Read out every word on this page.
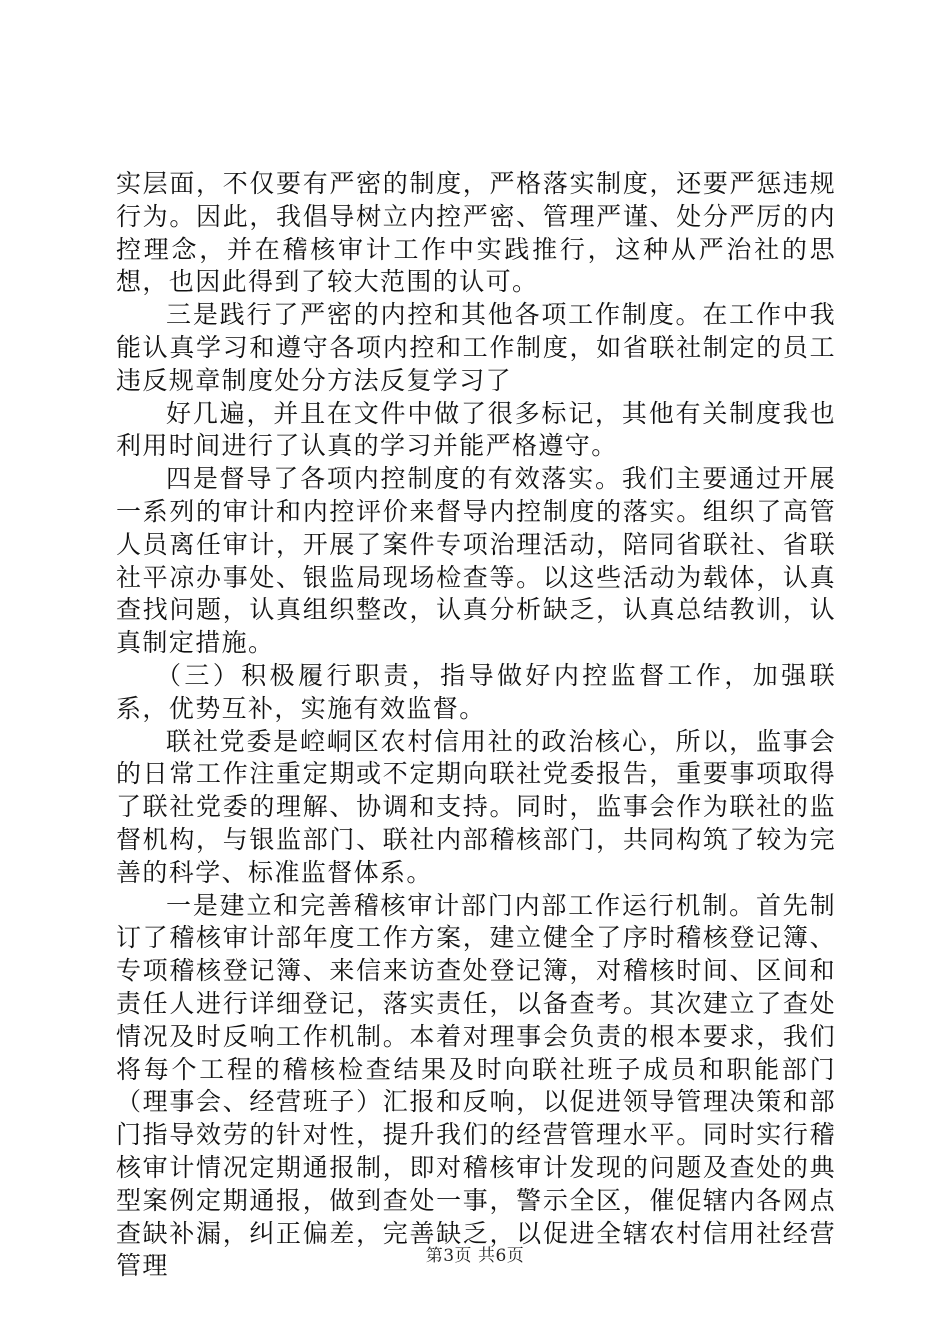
实层面，不仅要有严密的制度，严格落实制度，还要严惩违规行为。因此，我倡导树立内控严密、管理严谨、处分严厉的内控理念，并在稽核审计工作中实践推行，这种从严治社的思想，也因此得到了较大范围的认可。

三是践行了严密的内控和其他各项工作制度。在工作中我能认真学习和遵守各项内控和工作制度，如省联社制定的员工违反规章制度处分方法反复学习了

好几遍，并且在文件中做了很多标记，其他有关制度我也利用时间进行了认真的学习并能严格遵守。

四是督导了各项内控制度的有效落实。我们主要通过开展一系列的审计和内控评价来督导内控制度的落实。组织了高管人员离任审计，开展了案件专项治理活动，陪同省联社、省联社平凉办事处、银监局现场检查等。以这些活动为载体，认真查找问题，认真组织整改，认真分析缺乏，认真总结教训，认真制定措施。

（三）积极履行职责，指导做好内控监督工作，加强联系，优势互补，实施有效监督。

联社党委是崆峒区农村信用社的政治核心，所以，监事会的日常工作注重定期或不定期向联社党委报告，重要事项取得了联社党委的理解、协调和支持。同时，监事会作为联社的监督机构，与银监部门、联社内部稽核部门，共同构筑了较为完善的科学、标准监督体系。

一是建立和完善稽核审计部门内部工作运行机制。首先制订了稽核审计部年度工作方案，建立健全了序时稽核登记簿、专项稽核登记簿、来信来访查处登记簿，对稽核时间、区间和责任人进行详细登记，落实责任，以备查考。其次建立了查处情况及时反响工作机制。本着对理事会负责的根本要求，我们将每个工程的稽核检查结果及时向联社班子成员和职能部门（理事会、经营班子）汇报和反响，以促进领导管理决策和部门指导效劳的针对性，提升我们的经营管理水平。同时实行稽核审计情况定期通报制，即对稽核审计发现的问题及查处的典型案例定期通报，做到查处一事，警示全区，催促辖内各网点查缺补漏，纠正偏差，完善缺乏，以促进全辖农村信用社经营管理	第3页 共6页
